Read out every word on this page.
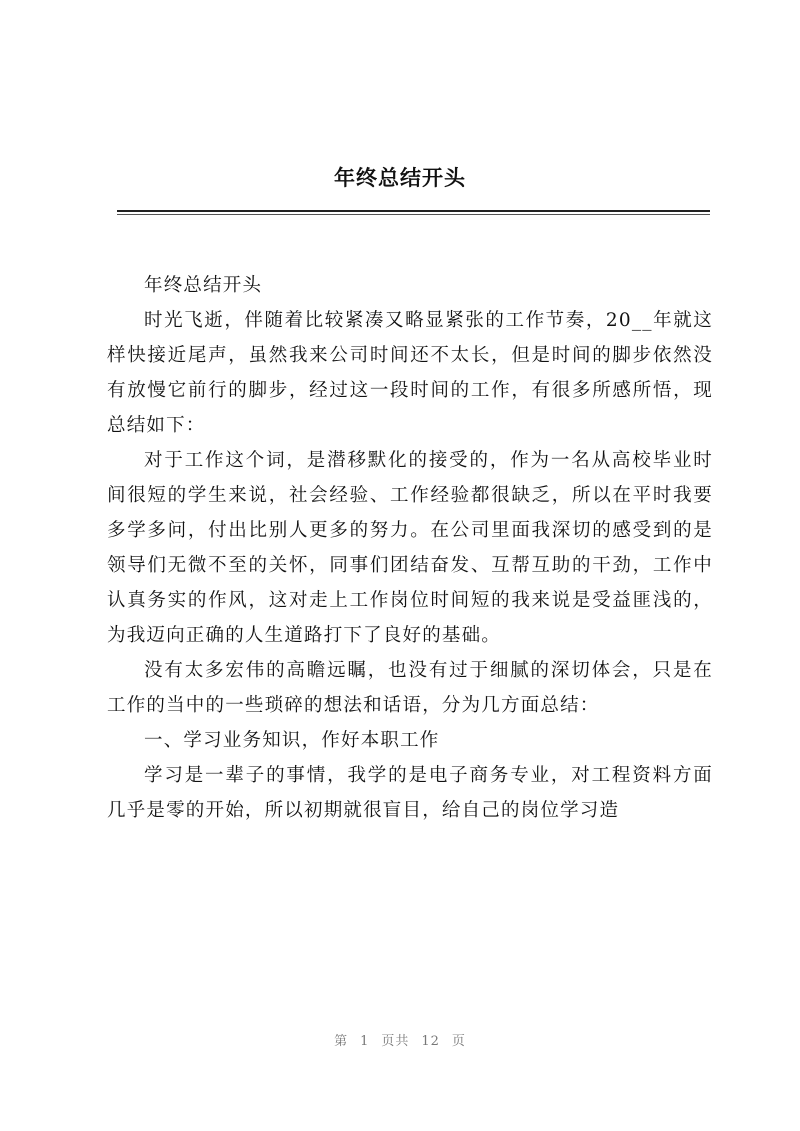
年终总结开头

年终总结开头

时光飞逝，伴随着比较紧凑又略显紧张的工作节奏，20__年就这样快接近尾声，虽然我来公司时间还不太长，但是时间的脚步依然没有放慢它前行的脚步，经过这一段时间的工作，有很多所感所悟，现总结如下：

对于工作这个词，是潜移默化的接受的，作为一名从高校毕业时间很短的学生来说，社会经验、工作经验都很缺乏，所以在平时我要多学多问，付出比别人更多的努力。在公司里面我深切的感受到的是领导们无微不至的关怀，同事们团结奋发、互帮互助的干劲，工作中认真务实的作风，这对走上工作岗位时间短的我来说是受益匪浅的，为我迈向正确的人生道路打下了良好的基础。

没有太多宏伟的高瞻远瞩，也没有过于细腻的深切体会，只是在工作的当中的一些琐碎的想法和话语，分为几方面总结：

一、学习业务知识，作好本职工作

学习是一辈子的事情，我学的是电子商务专业，对工程资料方面几乎是零的开始，所以初期就很盲目，给自己的岗位学习造

第 1 页共 12 页
